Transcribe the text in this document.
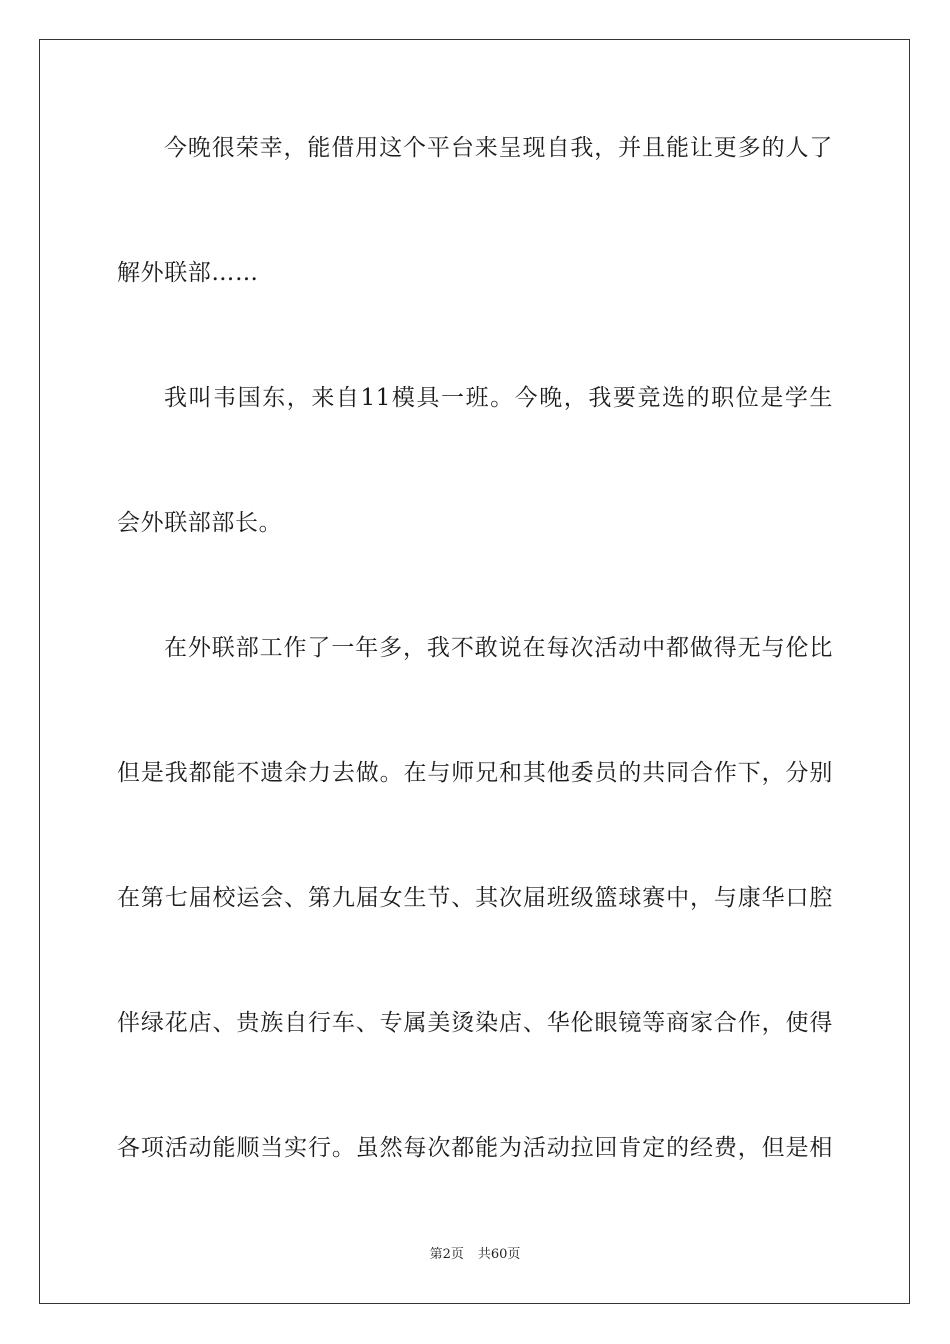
今晚很荣幸，能借用这个平台来呈现自我，并且能让更多的人了
解外联部……
我叫韦国东，来自11模具一班。今晚，我要竞选的职位是学生
会外联部部长。
在外联部工作了一年多，我不敢说在每次活动中都做得无与伦比
但是我都能不遗余力去做。在与师兄和其他委员的共同合作下，分别
在第七届校运会、第九届女生节、其次届班级篮球赛中，与康华口腔
伴绿花店、贵族自行车、专属美烫染店、华伦眼镜等商家合作，使得
各项活动能顺当实行。虽然每次都能为活动拉回肯定的经费，但是相
第2页 共60页
